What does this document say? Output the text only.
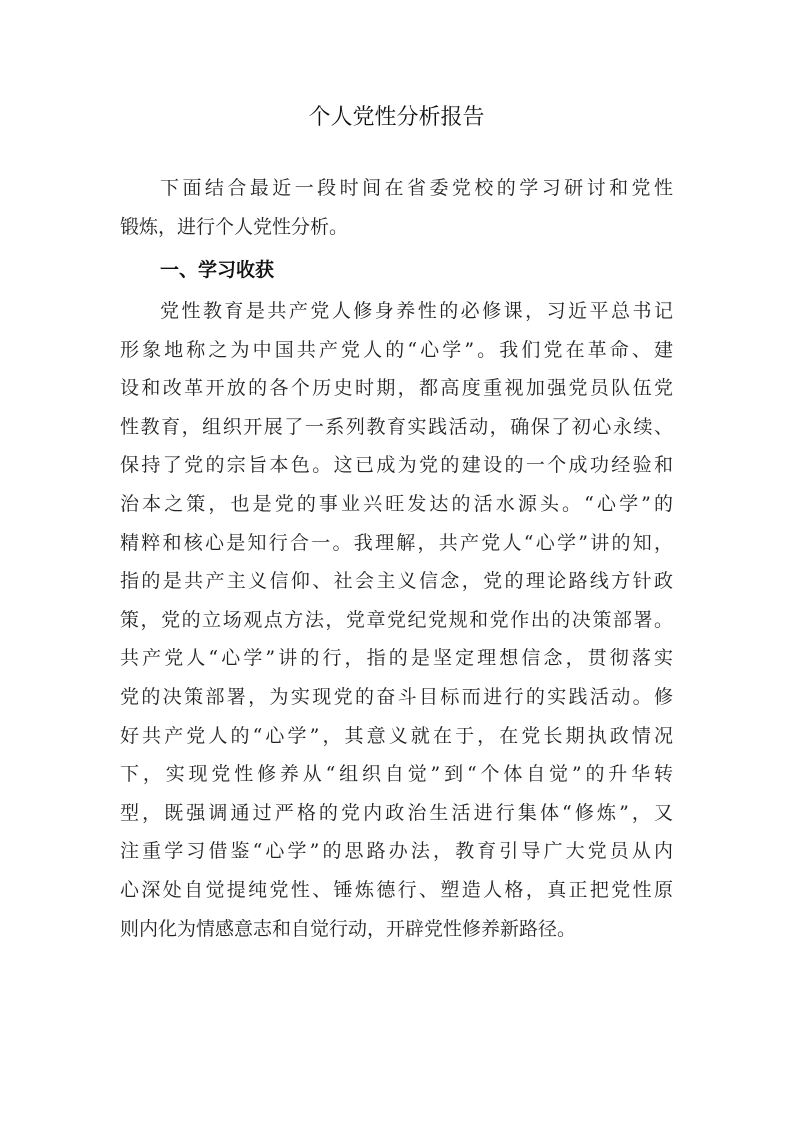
个人党性分析报告
下面结合最近一段时间在省委党校的学习研讨和党性
锻炼，进行个人党性分析。
一、学习收获
党性教育是共产党人修身养性的必修课，习近平总书记
形象地称之为中国共产党人的“心学”。我们党在革命、建
设和改革开放的各个历史时期，都高度重视加强党员队伍党
性教育，组织开展了一系列教育实践活动，确保了初心永续、
保持了党的宗旨本色。这已成为党的建设的一个成功经验和
治本之策，也是党的事业兴旺发达的活水源头。“心学”的
精粹和核心是知行合一。我理解，共产党人“心学”讲的知，
指的是共产主义信仰、社会主义信念，党的理论路线方针政
策，党的立场观点方法，党章党纪党规和党作出的决策部署。
共产党人“心学”讲的行，指的是坚定理想信念，贯彻落实
党的决策部署，为实现党的奋斗目标而进行的实践活动。修
好共产党人的“心学”，其意义就在于，在党长期执政情况
下，实现党性修养从“组织自觉”到“个体自觉”的升华转
型，既强调通过严格的党内政治生活进行集体“修炼”，又
注重学习借鉴“心学”的思路办法，教育引导广大党员从内
心深处自觉提纯党性、锤炼德行、塑造人格，真正把党性原
则内化为情感意志和自觉行动，开辟党性修养新路径。
